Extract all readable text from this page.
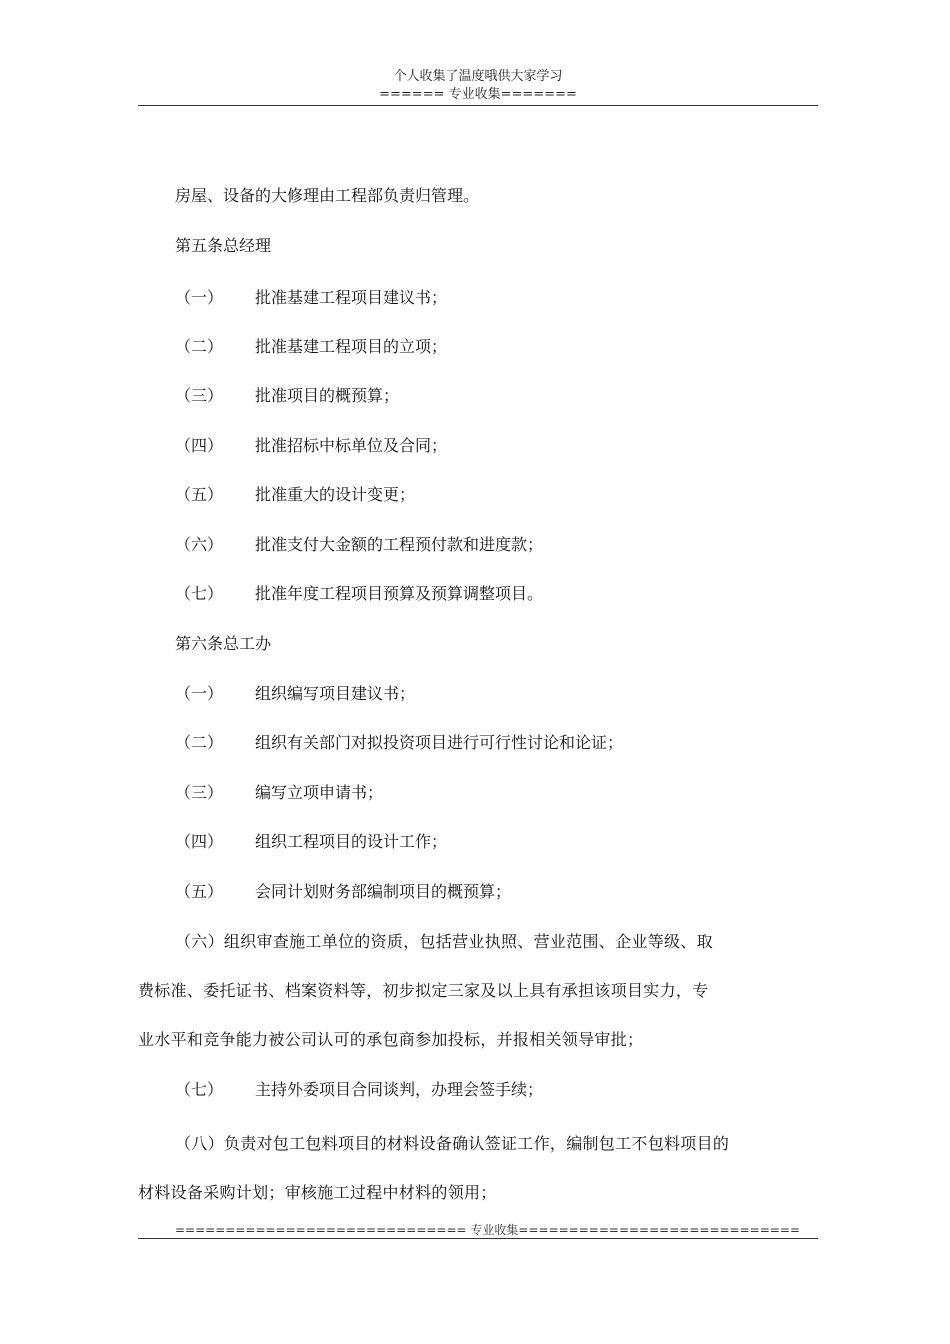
个人收集了温度哦供大家学习
====== 专业收集=======
房屋、设备的大修理由工程部负责归管理。
第五条总经理
（一） 批准基建工程项目建议书；
（二） 批准基建工程项目的立项；
（三） 批准项目的概预算；
（四） 批准招标中标单位及合同；
（五） 批准重大的设计变更；
（六） 批准支付大金额的工程预付款和进度款；
（七） 批准年度工程项目预算及预算调整项目。
第六条总工办
（一） 组织编写项目建议书；
（二） 组织有关部门对拟投资项目进行可行性讨论和论证；
（三） 编写立项申请书；
（四） 组织工程项目的设计工作；
（五） 会同计划财务部编制项目的概预算；
（六）组织审查施工单位的资质，包括营业执照、营业范围、企业等级、取
费标准、委托证书、档案资料等，初步拟定三家及以上具有承担该项目实力，专
业水平和竞争能力被公司认可的承包商参加投标，并报相关领导审批；
（七） 主持外委项目合同谈判，办理会签手续；
（八）负责对包工包料项目的材料设备确认签证工作，编制包工不包料项目的
材料设备采购计划；审核施工过程中材料的领用；
============================= 专业收集============================
